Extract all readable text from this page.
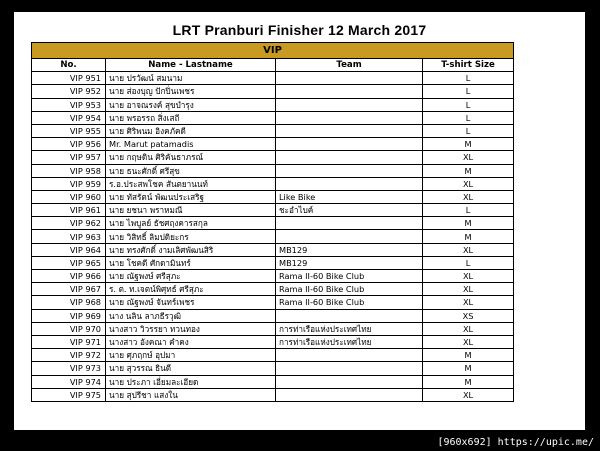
LRT Pranburi Finisher 12 March 2017
VIP			
No.	Name - Lastname	Team	T-shirt Size
VIP 951	นาย ปรวัฒน์ สมนาม		L
VIP 952	นาย ส่องบุญ ปักปิ่นเพชร		L
VIP 953	นาย อาจณรงค์ สุขบำรุง		L
VIP 954	นาย พรอรรถ สิ่งเสถี		L
VIP 955	นาย ศิริพนม อิงคภัคดี		L
VIP 956	Mr. Marut patamadis		M
VIP 957	นาย กฤษดิน ศิริคันธาภรณ์		XL
VIP 958	นาย ธนะศักดิ์ ศรีสุข		M
VIP 959	ร.อ.ประสพโชค สันตยานนท์		XL
VIP 960	นาย ทัสรัตน์ พัฒนประเสริฐ	Like Bike	XL
VIP 961	นาย ยชนา พราหมณี	ชะอำไบค์	L
VIP 962	นาย ไพบูลย์ ธัชศฤงคารสกุล		M
VIP 963	นาย วิสิทธิ์ ลิมปดิยะกร		M
VIP 964	นาย ทรงศักดิ์ งามเลิศพัฒนสิริ	MB129	XL
VIP 965	นาย โชคดี ศักดามินทร์	MB129	L
VIP 966	นาย ณัฐพงษ์ ศรีสุภะ	Rama II-60 Bike Club	XL
VIP 967	ร. ต. ท.เจตน์พิศุทธ์ ศรีสุภะ	Rama II-60 Bike Club	XL
VIP 968	นาย ณัฐพงษ์ จันทร์เพชร	Rama II-60 Bike Club	XL
VIP 969	นาง นลิน ลาภธีรวุฒิ		XS
VIP 970	นางสาว วิวรรยา ทวนทอง	การท่าเรือแห่งประเทศไทย	XL
VIP 971	นางสาว อังคณา คำคง	การท่าเรือแห่งประเทศไทย	XL
VIP 972	นาย ศุภฤกษ์ อุปมา		M
VIP 973	นาย สุวรรณ ธินดี		M
VIP 974	นาย ประภา เอี่ยมละเอียด		M
VIP 975	นาย สุปรีชา แสงใน		XL
[960x692] https://upic.me/
